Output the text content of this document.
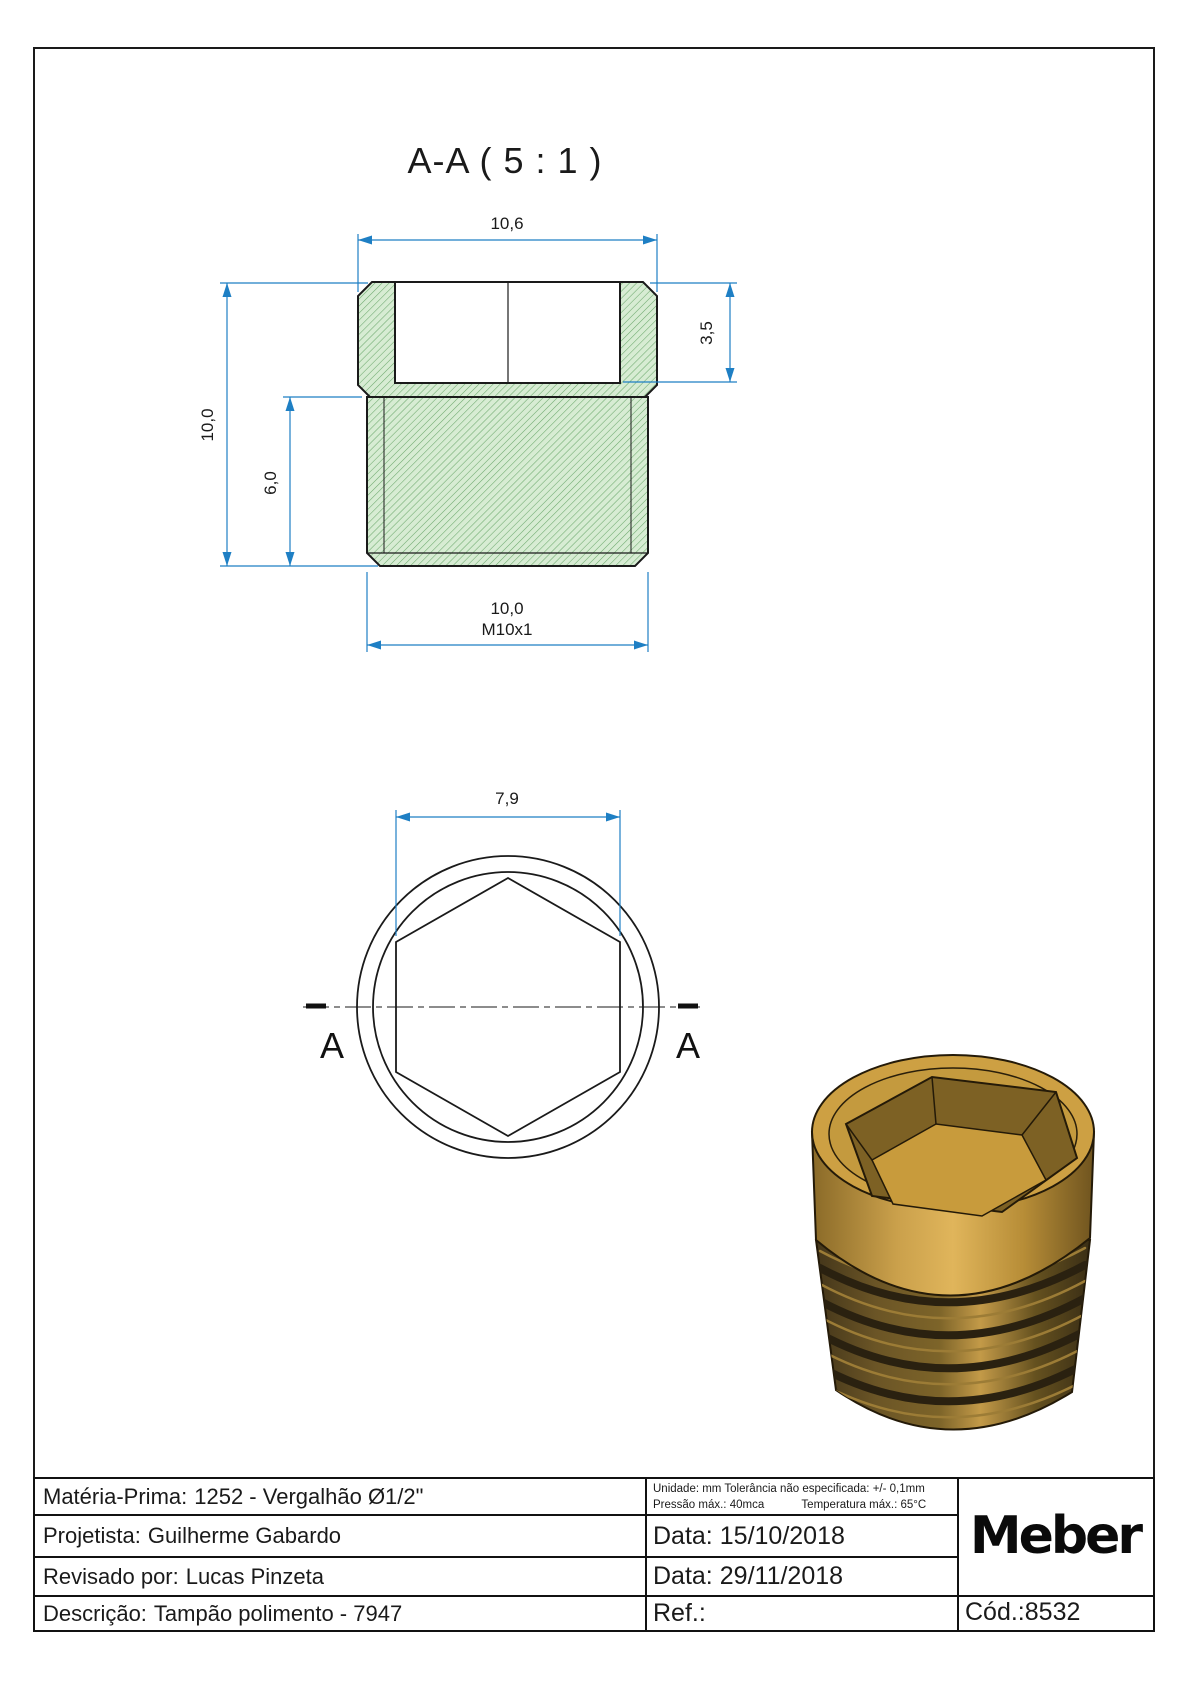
A-A ( 5 : 1 )
10,6
10,0
6,0
3,5
10,0
M10x1
A	A
7,9
Matéria-Prima: 1252 - Vergalhão Ø1/2"
Projetista: Guilherme Gabardo
Revisado por: Lucas Pinzeta
Descrição: Tampão polimento - 7947
Unidade: mm Tolerância não especificada: +/- 0,1mm
Pressão máx.: 40mca	Temperatura máx.: 65°C
Data: 15/10/2018
Data: 29/11/2018
Ref.:
Meber
Cód.: 8532
